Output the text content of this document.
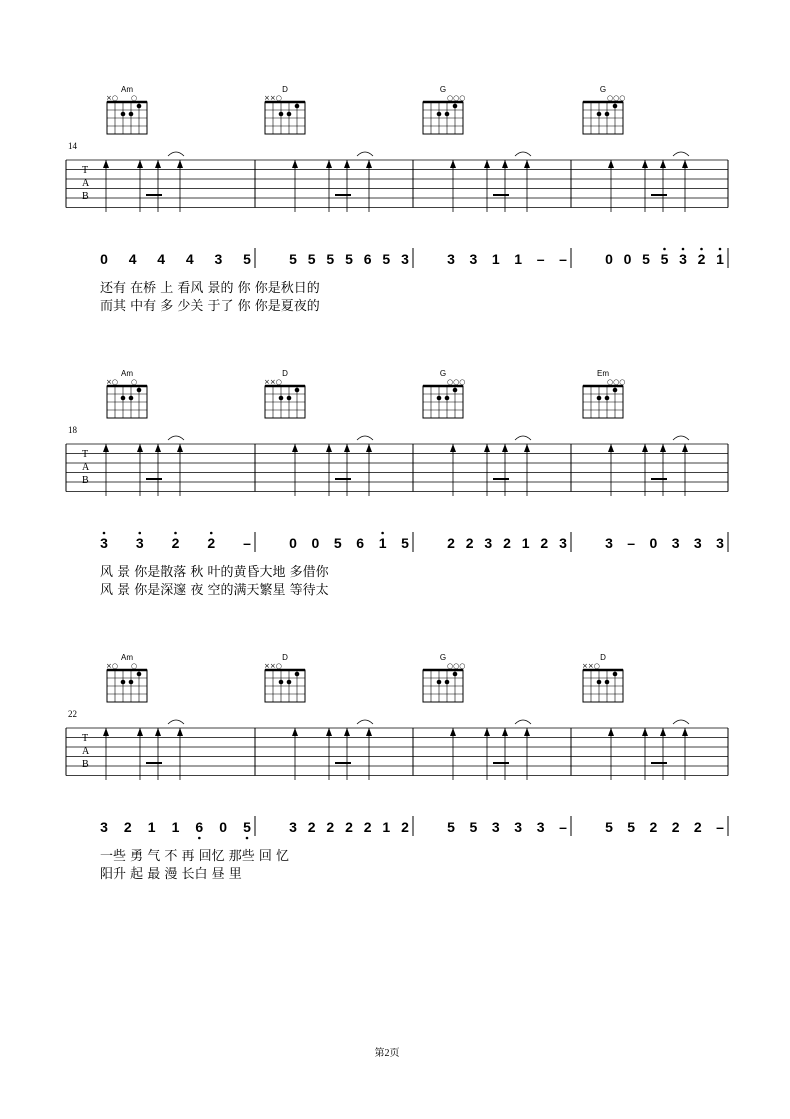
Am
×○ ○
D
××○
G
○○○
G
○○○
14
T
A
B
0 4 4 4 3 5	5 5 5 5 6 5 3	3 3 1 1 – –	0 0 5 5 3 2 1
还有 在桥 上 看风 景的 你 你是秋日的
而其 中有 多 少关 于了 你 你是夏夜的
Am
×○ ○
D
××○
G
○○○
Em
○○○
18
T
A
B
3 3 2 2 –	0 0 5 6 1 5	2 2 3 2 1 2 3	3 – 0 3 3 3
风 景 你是散落 秋 叶的黄昏大地 多借你
风 景 你是深邃 夜 空的满天繁星 等待太
Am
×○ ○
D
××○
G
○○○
D
××○
22
T
A
B
3 2 1 1 6 0 5	3 2 2 2 2 1 2	5 5 3 3 3 –	5 5 2 2 2 –
一些 勇 气 不 再 回忆 那些 回 忆
阳升 起 最 漫 长白 昼 里
第2页
